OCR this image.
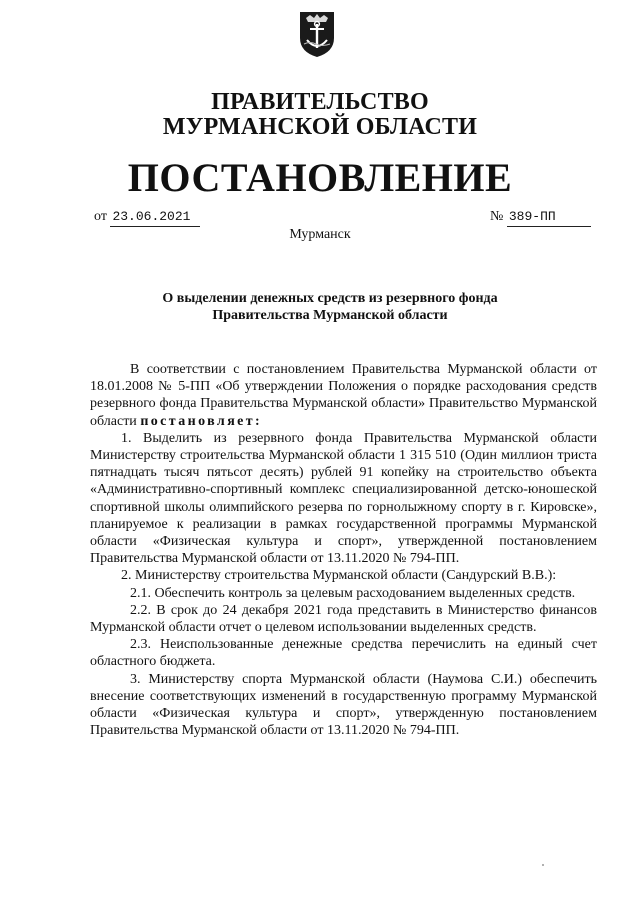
ПРАВИТЕЛЬСТВО
МУРМАНСКОЙ ОБЛАСТИ
ПОСТАНОВЛЕНИЕ
от 23.06.2021	№ 389-ПП
Мурманск
О выделении денежных средств из резервного фонда
Правительства Мурманской области

В соответствии с постановлением Правительства Мурманской области от 18.01.2008 № 5-ПП «Об утверждении Положения о порядке расходования средств резервного фонда Правительства Мурманской области» Правительство Мурманской области постановляет:

1. Выделить из резервного фонда Правительства Мурманской области Министерству строительства Мурманской области 1 315 510 (Один миллион триста пятнадцать тысяч пятьсот десять) рублей 91 копейку на строительство объекта «Административно-спортивный комплекс специализированной детско-юношеской спортивной школы олимпийского резерва по горнолыжному спорту в г. Кировске», планируемое к реализации в рамках государственной программы Мурманской области «Физическая культура и спорт», утвержденной постановлением Правительства Мурманской области от 13.11.2020 № 794-ПП.

2. Министерству строительства Мурманской области (Сандурский В.В.):

2.1. Обеспечить контроль за целевым расходованием выделенных средств.

2.2. В срок до 24 декабря 2021 года представить в Министерство финансов Мурманской области отчет о целевом использовании выделенных средств.

2.3. Неиспользованные денежные средства перечислить на единый счет областного бюджета.

3. Министерству спорта Мурманской области (Наумова С.И.) обеспечить внесение соответствующих изменений в государственную программу Мурманской области «Физическая культура и спорт», утвержденную постановлением Правительства Мурманской области от 13.11.2020 № 794-ПП.
